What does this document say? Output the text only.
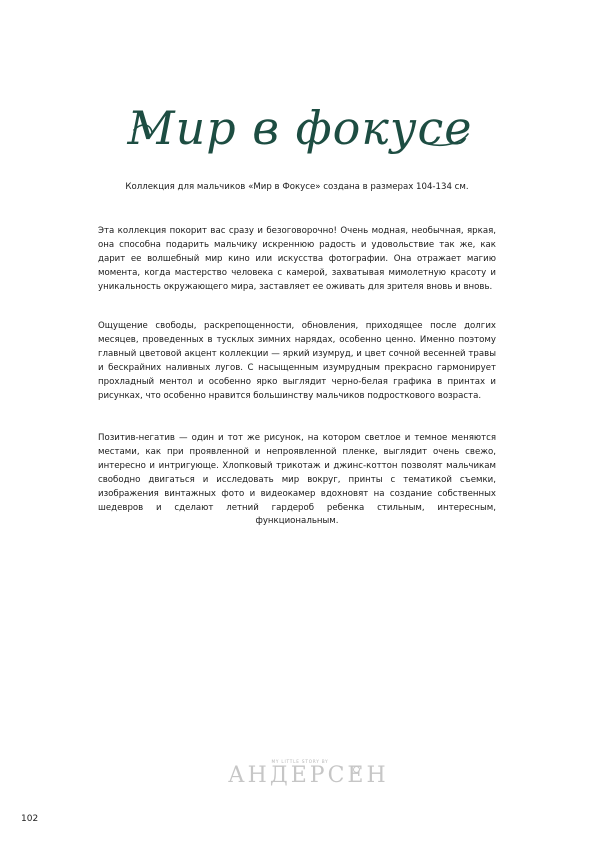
Мир в фокусе

Коллекция для мальчиков «Мир в Фокусе» создана в размерах 104-134 см.

Эта коллекция покорит вас сразу и безоговорочно! Очень модная, необычная, яркая, она способна подарить мальчику искреннюю радость и удовольствие так же, как дарит ее волшебный мир кино или искусства фотографии. Она отражает магию момента, когда мастерство человека с камерой, захватывая мимолетную красоту и уникальность окружающего мира, заставляет ее оживать для зрителя вновь и вновь.

Ощущение свободы, раскрепощенности, обновления, приходящее после долгих месяцев, проведенных в тусклых зимних нарядах, особенно ценно. Именно поэтому главный цветовой акцент коллекции — яркий изумруд, и цвет сочной весенней травы и бескрайних наливных лугов. С насыщенным изумрудным прекрасно гармонирует прохладный ментол и особенно ярко выглядит черно-белая графика в принтах и рисунках, что особенно нравится большинству мальчиков подросткового возраста.

Позитив-негатив — один и тот же рисунок, на котором светлое и темное меняются местами, как при проявленной и непроявленной пленке, выглядит очень свежо, интересно и интригующе. Хлопковый трикотаж и джинс-коттон позволят мальчикам свободно двигаться и исследовать мир вокруг, принты с тематикой съемки, изображения винтажных фото и видеокамер вдохновят на создание собственных шедевров и сделают летний гардероб ребенка стильным, интересным, функциональным.

MY LITTLE STORY BY
АНДЕРСЕН
102
